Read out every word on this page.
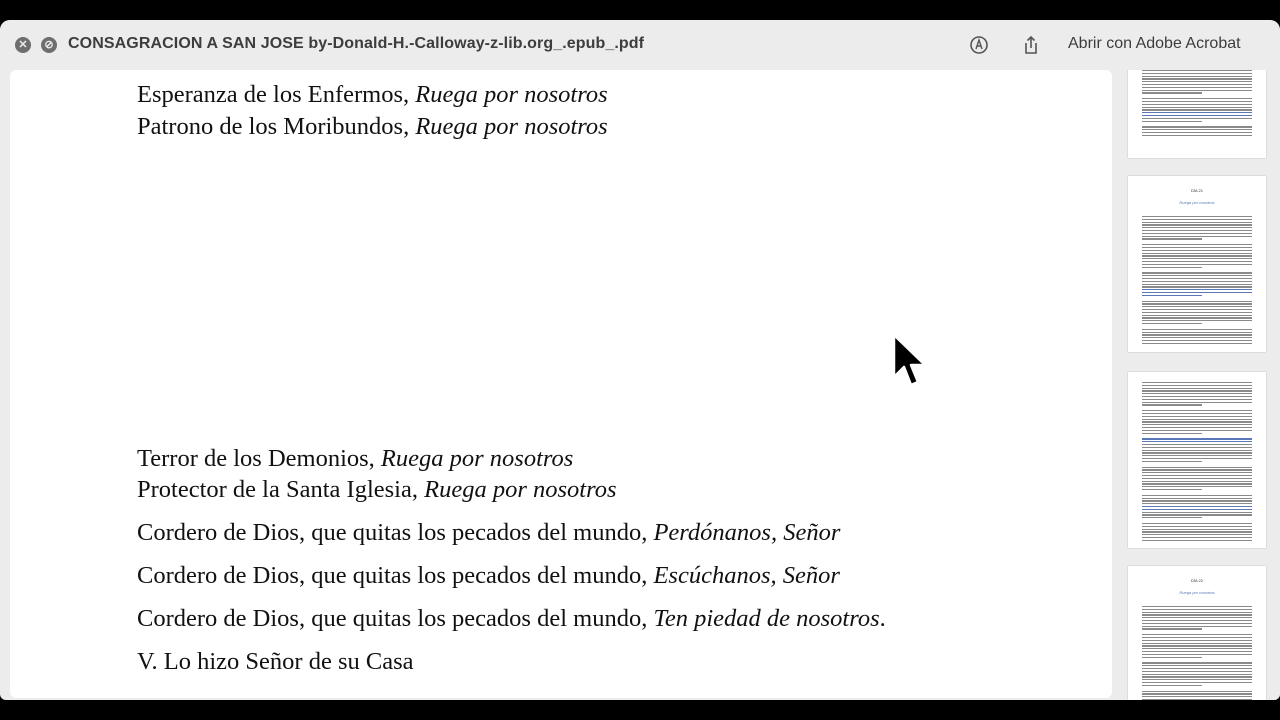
✕	⊘ CONSAGRACION A SAN JOSE by-Donald-H.-Calloway-z-lib.org_.epub_.pdf	Abrir con Adobe Acrobat

Esperanza de los Enfermos, Ruega por nosotros
Patrono de los Moribundos, Ruega por nosotros
Terror de los Demonios, Ruega por nosotros
Protector de la Santa Iglesia, Ruega por nosotros
Cordero de Dios, que quitas los pecados del mundo, Perdónanos, Señor
Cordero de Dios, que quitas los pecados del mundo, Escúchanos, Señor
Cordero de Dios, que quitas los pecados del mundo, Ten piedad de nosotros.
V. Lo hizo Señor de su Casa
DÍA 21
Ruega por nosotros
DÍA 22
Ruega por nosotros
